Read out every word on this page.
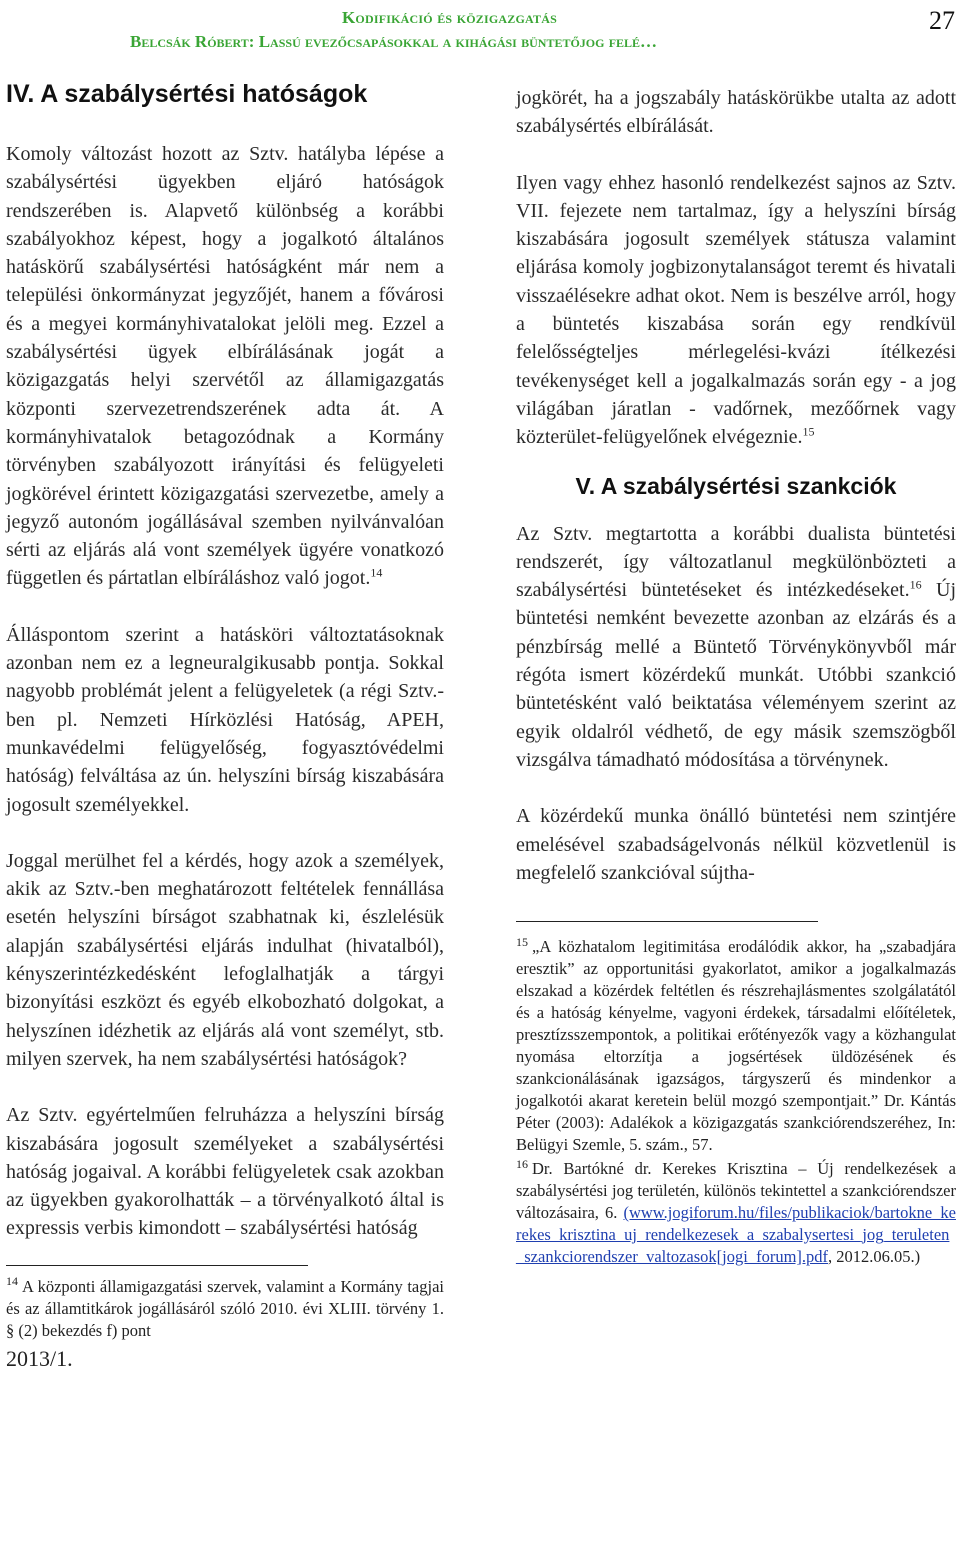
Kodifikáció és közigazgatás
Belcsák Róbert: Lassú evezőcsapásokkal a kihágási büntetőjog felé…
27
IV. A szabálysértési hatóságok

Komoly változást hozott az Sztv. hatályba lépése a szabálysértési ügyekben eljáró hatóságok rendszerében is. Alapvető különbség a korábbi szabályokhoz képest, hogy a jogalkotó általános hatáskörű szabálysértési hatóságként már nem a települési önkormányzat jegyzőjét, hanem a fővárosi és a megyei kormányhivatalokat jelöli meg. Ezzel a szabálysértési ügyek elbírálásának jogát a közigazgatás helyi szervétől az államigazgatás központi szervezetrendszerének adta át. A kormányhivatalok betagozódnak a Kormány törvényben szabályozott irányítási és felügyeleti jogkörével érintett közigazgatási szervezetbe, amely a jegyző autonóm jogállásával szemben nyilvánvalóan sérti az eljárás alá vont személyek ügyére vonatkozó független és pártatlan elbíráláshoz való jogot.$^{14}$

Álláspontom szerint a hatásköri változtatásoknak azonban nem ez a legneuralgikusabb pontja. Sokkal nagyobb problémát jelent a felügyeletek (a régi Sztv.-ben pl. Nemzeti Hírközlési Hatóság, APEH, munkavédelmi felügyelőség, fogyasztóvédelmi hatóság) felváltása az ún. helyszíni bírság kiszabására jogosult személyekkel.

Joggal merülhet fel a kérdés, hogy azok a személyek, akik az Sztv.-ben meghatározott feltételek fennállása esetén helyszíni bírságot szabhatnak ki, észlelésük alapján szabálysértési eljárás indulhat (hivatalból), kényszerintézkedésként lefoglalhatják a tárgyi bizonyítási eszközt és egyéb elkobozható dolgokat, a helyszínen idézhetik az eljárás alá vont személyt, stb. milyen szervek, ha nem szabálysértési hatóságok?

Az Sztv. egyértelműen felruházza a helyszíni bírság kiszabására jogosult személyeket a szabálysértési hatóság jogaival. A korábbi felügyeletek csak azokban az ügyekben gyakorolhatták – a törvényalkotó által is expressis verbis kimondott – szabálysértési hatóság

$^{14}$ A központi államigazgatási szervek, valamint a Kormány tagjai és az államtitkárok jogállásáról szóló 2010. évi XLIII. törvény 1. § (2) bekezdés f) pont
2013/1.

jogkörét, ha a jogszabály hatáskörükbe utalta az adott szabálysértés elbírálását.

Ilyen vagy ehhez hasonló rendelkezést sajnos az Sztv. VII. fejezete nem tartalmaz, így a helyszíni bírság kiszabására jogosult személyek státusza valamint eljárása komoly jogbizonytalanságot teremt és hivatali visszaélésekre adhat okot. Nem is beszélve arról, hogy a büntetés kiszabása során egy rendkívül felelősségteljes mérlegelési-kvázi ítélkezési tevékenységet kell a jogalkalmazás során egy - a jog világában járatlan - vadőrnek, mezőőrnek vagy közterület-felügyelőnek elvégeznie.$^{15}$

V. A szabálysértési szankciók

Az Sztv. megtartotta a korábbi dualista büntetési rendszerét, így változatlanul megkülönbözteti a szabálysértési büntetéseket és intézkedéseket.$^{16}$ Új büntetési nemként bevezette azonban az elzárás és a pénzbírság mellé a Büntető Törvénykönyvből már régóta ismert közérdekű munkát. Utóbbi szankció büntetésként való beiktatása véleményem szerint az egyik oldalról védhető, de egy másik szemszögből vizsgálva támadható módosítása a törvénynek.

A közérdekű munka önálló büntetési nem szintjére emelésével szabadságelvonás nélkül közvetlenül is megfelelő szankcióval sújtha-

$^{15}$ „A közhatalom legitimitása erodálódik akkor, ha „szabadjára eresztik” az opportunitási gyakorlatot, amikor a jogalkalmazás elszakad a közérdek feltétlen és részrehajlásmentes szolgálatától és a hatóság kényelme, vagyoni érdekek, társadalmi előítéletek, presztízsszempontok, a politikai erőtényezők vagy a közhangulat nyomása eltorzítja a jogsértések üldözésének és szankcionálásának igazságos, tárgyszerű és mindenkor a jogalkotói akarat keretein belül mozgó szempontjait.” Dr. Kántás Péter (2003): Adalékok a közigazgatás szankciórendszeréhez, In: Belügyi Szemle, 5. szám., 57.
$^{16}$ Dr. Bartókné dr. Kerekes Krisztina – Új rendelkezések a szabálysértési jog területén, különös tekintettel a szankciórendszer változásaira, 6. (www.jogiforum.hu/files/publikaciok/bartokne_kerekes_krisztina_uj_rendelkezesek_a_szabalysertesi_jog_teruleten_szankciorendszer_valtozasok[jogi_forum].pdf, 2012.06.05.)
